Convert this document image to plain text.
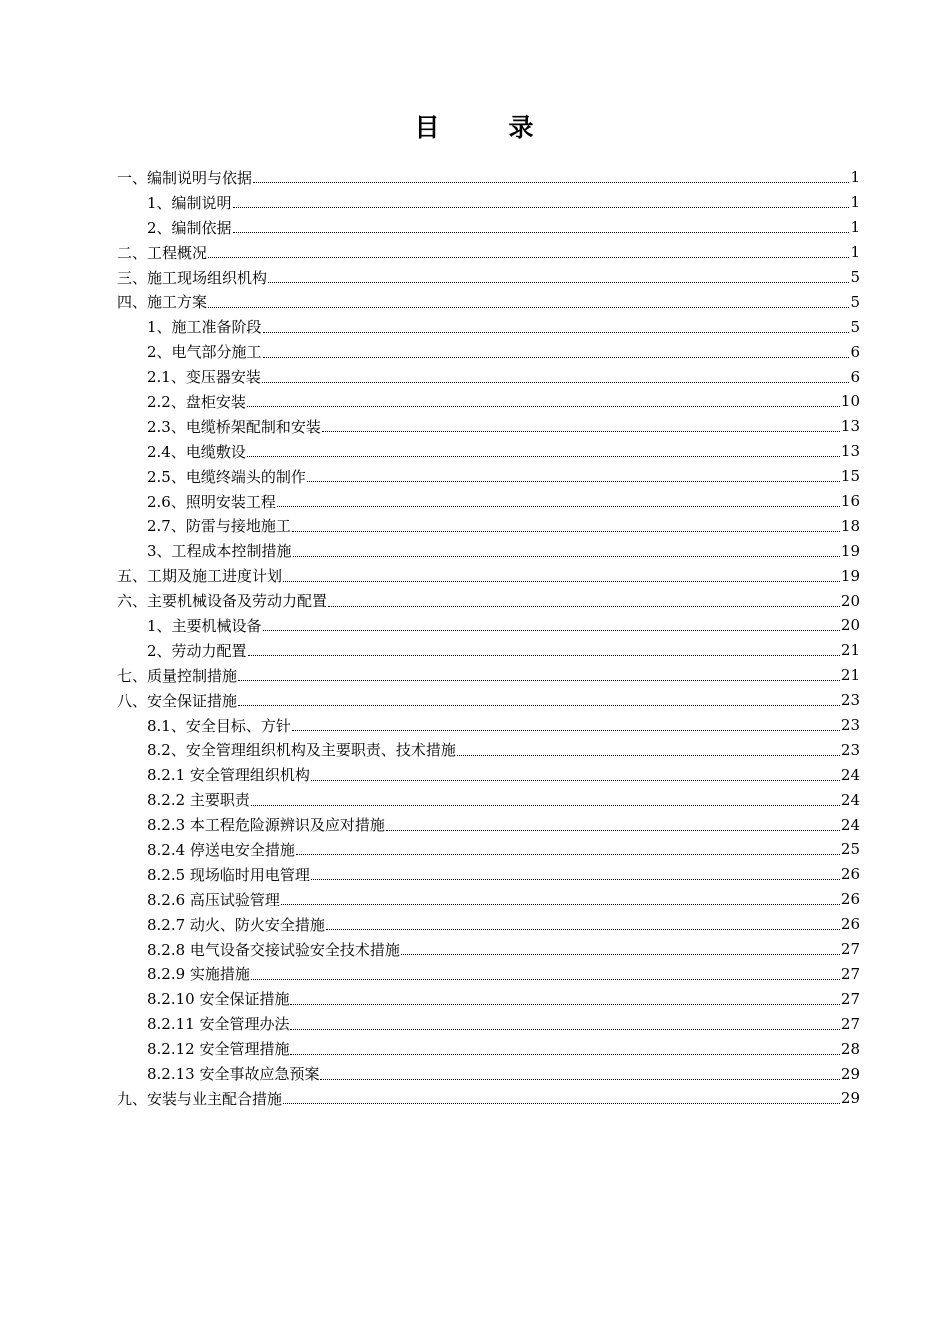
目　录
一、编制说明与依据	1
1、编制说明	1
2、编制依据	1
二、工程概况	1
三、施工现场组织机构	5
四、施工方案	5
1、施工准备阶段	5
2、电气部分施工	6
2.1、变压器安装	6
2.2、盘柜安装	10
2.3、电缆桥架配制和安装	13
2.4、电缆敷设	13
2.5、电缆终端头的制作	15
2.6、照明安装工程	16
2.7、防雷与接地施工	18
3、工程成本控制措施	19
五、工期及施工进度计划	19
六、主要机械设备及劳动力配置	20
1、主要机械设备	20
2、劳动力配置	21
七、质量控制措施	21
八、安全保证措施	23
8.1、安全目标、方针	23
8.2、安全管理组织机构及主要职责、技术措施	23
8.2.1 安全管理组织机构	24
8.2.2 主要职责	24
8.2.3 本工程危险源辨识及应对措施	24
8.2.4 停送电安全措施	25
8.2.5 现场临时用电管理	26
8.2.6 高压试验管理	26
8.2.7 动火、防火安全措施	26
8.2.8 电气设备交接试验安全技术措施	27
8.2.9 实施措施	27
8.2.10 安全保证措施	27
8.2.11 安全管理办法	27
8.2.12 安全管理措施	28
8.2.13 安全事故应急预案	29
九、安装与业主配合措施	29
